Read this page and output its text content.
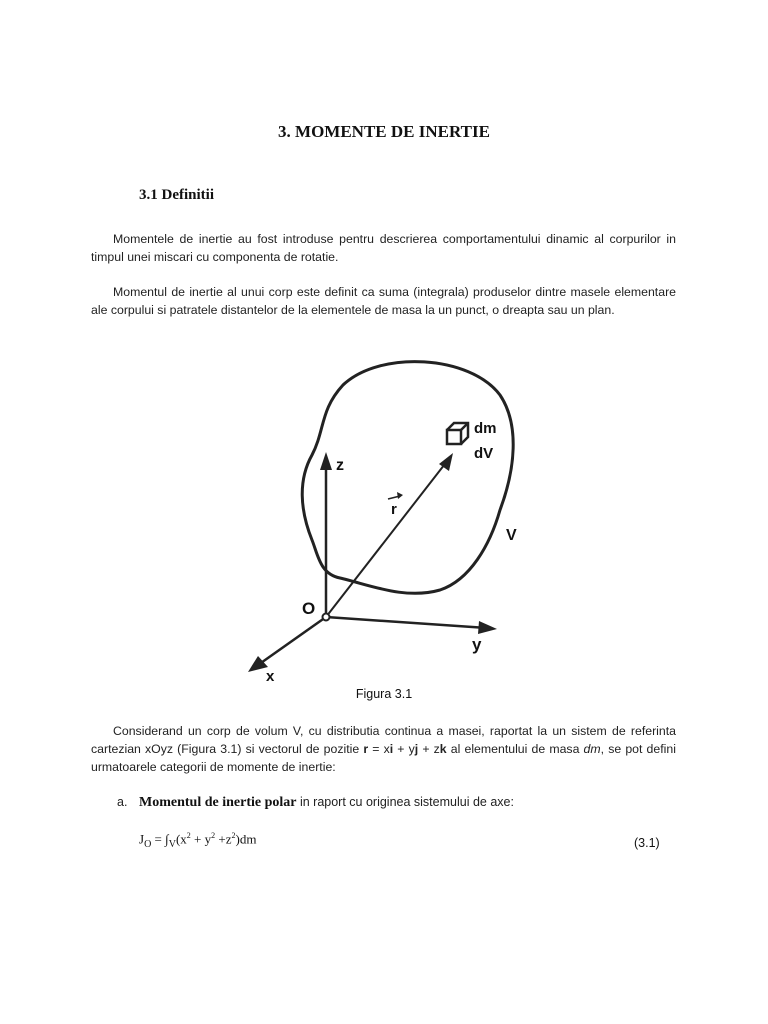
3. MOMENTE DE INERTIE
3.1 Definitii
Momentele de inertie au fost introduse pentru descrierea comportamentului dinamic al corpurilor in timpul unei miscari cu componenta de rotatie.
Momentul de inertie al unui corp este definit ca suma (integrala) produselor dintre masele elementare ale corpului si patratele distantelor de la elementele de masa la un punct, o dreapta sau un plan.
dm
dV
z
r
V
O
y
x
Figura 3.1
Considerand un corp de volum V, cu distributia continua a masei, raportat la un sistem de referinta cartezian xOyz (Figura 3.1) si vectorul de pozitie r = xi + yj + zk al elementului de masa dm, se pot defini urmatoarele categorii de momente de inertie:
a. Momentul de inertie polar in raport cu originea sistemului de axe:
$J_O = \int_V(x^2 + y^2 +z^2)dm$	(3.1)
